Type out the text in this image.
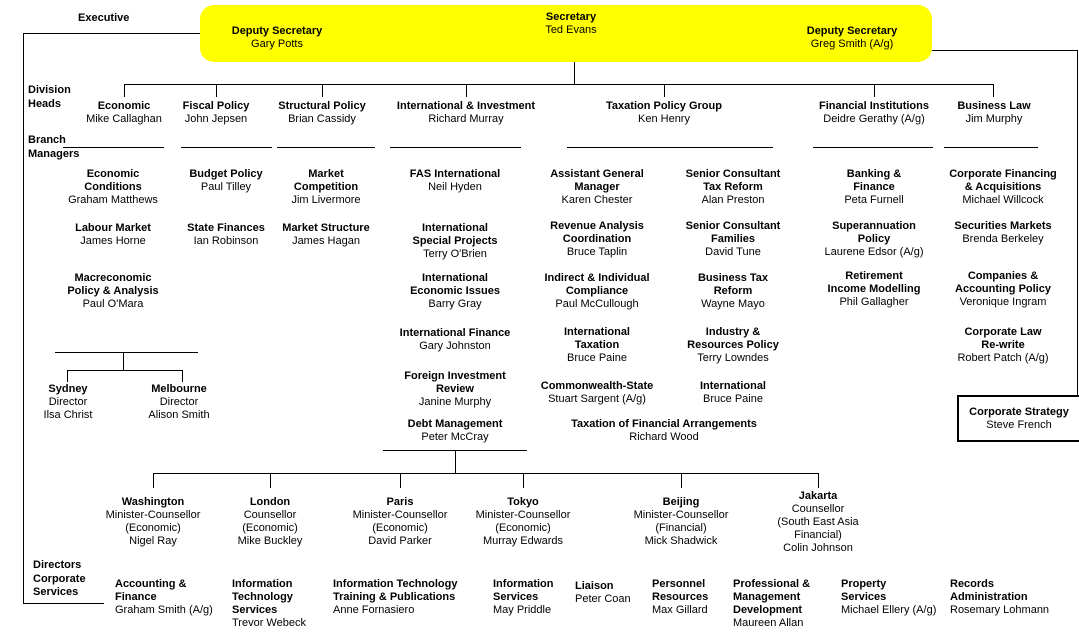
Executive
Division
Heads
Branch
Managers
Directors
Corporate
Services
Secretary
Ted Evans
Deputy Secretary
Gary Potts
Deputy Secretary
Greg Smith (A/g)
Economic
Mike Callaghan
Fiscal Policy
John Jepsen
Structural Policy
Brian Cassidy
International & Investment
Richard Murray
Taxation Policy Group
Ken Henry
Financial Institutions
Deidre Gerathy (A/g)
Business Law
Jim Murphy
Economic
Conditions
Graham Matthews
Labour Market
James Horne
Macreconomic
Policy & Analysis
Paul O'Mara
Budget Policy
Paul Tilley
State Finances
Ian Robinson
Market
Competition
Jim Livermore
Market Structure
James Hagan
FAS International
Neil Hyden
International
Special Projects
Terry O'Brien
International
Economic Issues
Barry Gray
International Finance
Gary Johnston
Foreign Investment
Review
Janine Murphy
Debt Management
Peter McCray
Assistant General
Manager
Karen Chester
Revenue Analysis
Coordination
Bruce Taplin
Indirect & Individual
Compliance
Paul McCullough
International
Taxation
Bruce Paine
Commonwealth-State
Stuart Sargent (A/g)
Senior Consultant
Tax Reform
Alan Preston
Senior Consultant
Families
David Tune
Business Tax
Reform
Wayne Mayo
Industry &
Resources Policy
Terry Lowndes
International
Bruce Paine
Taxation of Financial Arrangements
Richard Wood
Banking &
Finance
Peta Furnell
Superannuation
Policy
Laurene Edsor (A/g)
Retirement
Income Modelling
Phil Gallagher
Corporate Financing
& Acquisitions
Michael Willcock
Securities Markets
Brenda Berkeley
Companies &
Accounting Policy
Veronique Ingram
Corporate Law
Re-write
Robert Patch (A/g)
Corporate Strategy
Steve French
Sydney
Director
Ilsa Christ
Melbourne
Director
Alison Smith
Washington
Minister-Counsellor
(Economic)
Nigel Ray
London
Counsellor
(Economic)
Mike Buckley
Paris
Minister-Counsellor
(Economic)
David Parker
Tokyo
Minister-Counsellor
(Economic)
Murray Edwards
Beijing
Minister-Counsellor
(Financial)
Mick Shadwick
Jakarta
Counsellor
(South East Asia
Financial)
Colin Johnson
Accounting &
Finance
Graham Smith (A/g)
Information
Technology
Services
Trevor Webeck
Information Technology
Training & Publications
Anne Fornasiero
Information
Services
May Priddle
Liaison
Peter Coan
Personnel
Resources
Max Gillard
Professional &
Management
Development
Maureen Allan
Property
Services
Michael Ellery (A/g)
Records
Administration
Rosemary Lohmann
